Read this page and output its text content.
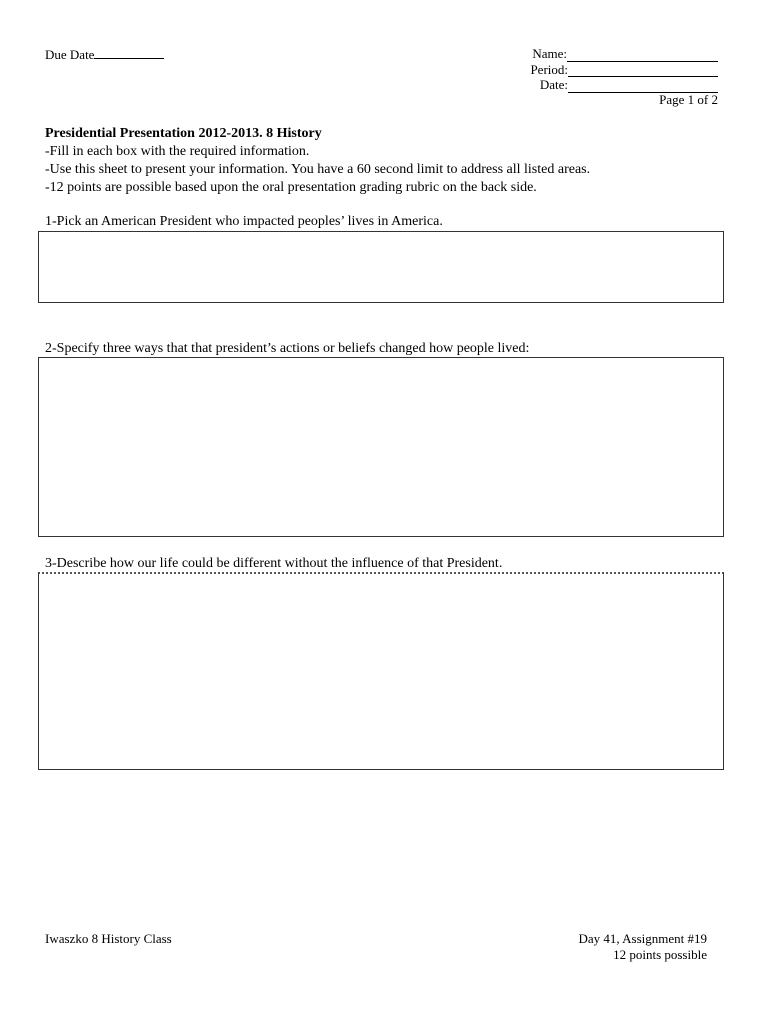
Due Date	Name:
Period:
Date:
Page 1 of 2
Presidential Presentation 2012-2013. 8 History
-Fill in each box with the required information.
-Use this sheet to present your information. You have a 60 second limit to address all listed areas.
-12 points are possible based upon the oral presentation grading rubric on the back side.
1-Pick an American President who impacted peoples’ lives in America.
2-Specify three ways that that president’s actions or beliefs changed how people lived:
3-Describe how our life could be different without the influence of that President.
Iwaszko 8 History Class	Day 41, Assignment #19
12 points possible
